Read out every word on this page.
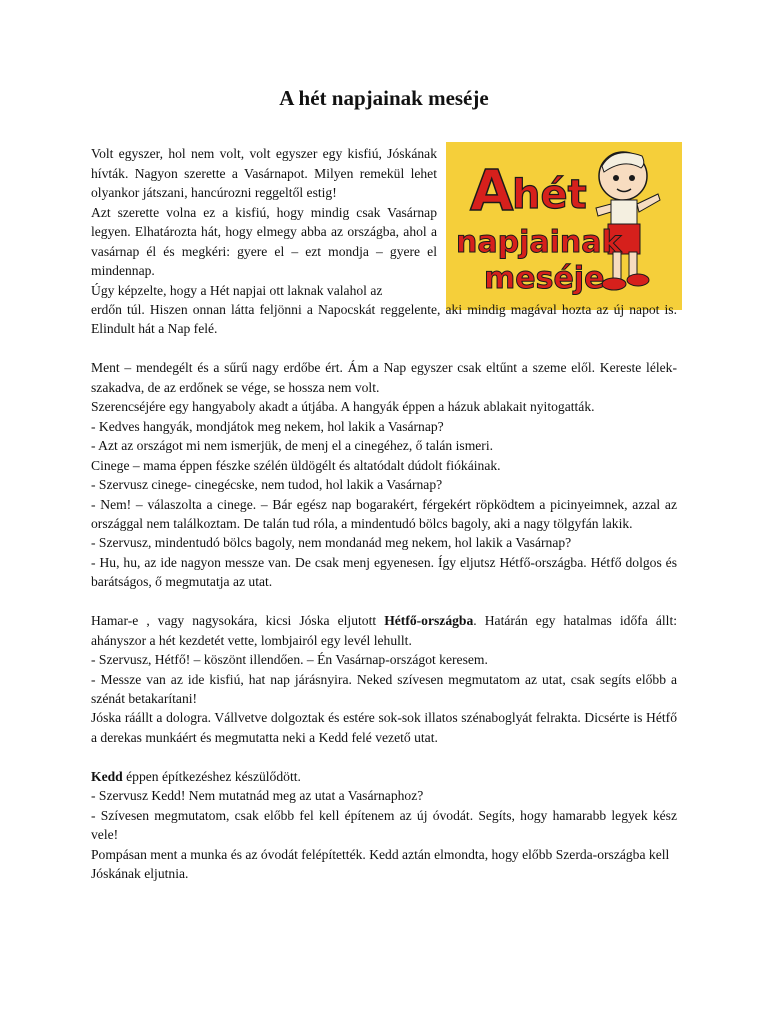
A hét napjainak meséje

Volt egyszer, hol nem volt, volt egyszer egy kisfiú, Jóskának hívták. Nagyon szerette a Vasárnapot. Milyen remekül lehet olyankor játszani, hancúrozni reggeltől estig!

Azt szerette volna ez a kisfiú, hogy mindig csak Vasárnap legyen. Elhatározta hát, hogy elmegy abba az országba, ahol a vasárnap él és megkéri: gyere el – ezt mondja – gyere el mindennap.

Úgy képzelte, hogy a Hét napjai ott laknak valahol az

A
hét
napjainak
meséje

erdőn túl. Hiszen onnan látta feljönni a Napocskát reggelente, aki mindig magával hozta az új napot is. Elindult hát a Nap felé.

Ment – mendegélt és a sűrű nagy erdőbe ért. Ám a Nap egyszer csak eltűnt a szeme elől. Kereste lélek-szakadva, de az erdőnek se vége, se hossza nem volt.

Szerencséjére egy hangyaboly akadt a útjába. A hangyák éppen a házuk ablakait nyitogatták.

- Kedves hangyák, mondjátok meg nekem, hol lakik a Vasárnap?

- Azt az országot mi nem ismerjük, de menj el a cinegéhez, ő talán ismeri.

Cinege – mama éppen fészke szélén üldögélt és altatódalt dúdolt fiókáinak.

- Szervusz cinege- cinegécske, nem tudod, hol lakik a Vasárnap?

- Nem! – válaszolta a cinege. – Bár egész nap bogarakért, férgekért röpködtem a picinyeimnek, azzal az országgal nem találkoztam. De talán tud róla, a mindentudó bölcs bagoly, aki a nagy tölgyfán lakik.

- Szervusz, mindentudó bölcs bagoly, nem mondanád meg nekem, hol lakik a Vasárnap?

- Hu, hu, az ide nagyon messze van. De csak menj egyenesen. Így eljutsz Hétfő-országba. Hétfő dolgos és barátságos, ő megmutatja az utat.

Hamar-e , vagy nagysokára, kicsi Jóska eljutott Hétfő-országba. Határán egy hatalmas időfa állt: ahányszor a hét kezdetét vette, lombjairól egy levél lehullt.

- Szervusz, Hétfő! – köszönt illendően. – Én Vasárnap-országot keresem.

- Messze van az ide kisfiú, hat nap járásnyira. Neked szívesen megmutatom az utat, csak segíts előbb a szénát betakarítani!

Jóska ráállt a dologra. Vállvetve dolgoztak és estére sok-sok illatos szénaboglyát felrakta. Dicsérte is Hétfő a derekas munkáért és megmutatta neki a Kedd felé vezető utat.

Kedd éppen építkezéshez készülődött.

- Szervusz Kedd! Nem mutatnád meg az utat a Vasárnaphoz?

- Szívesen megmutatom, csak előbb fel kell építenem az új óvodát. Segíts, hogy hamarabb legyek kész vele!

Pompásan ment a munka és az óvodát felépítették. Kedd aztán elmondta, hogy előbb Szerda-országba kell Jóskának eljutnia.
